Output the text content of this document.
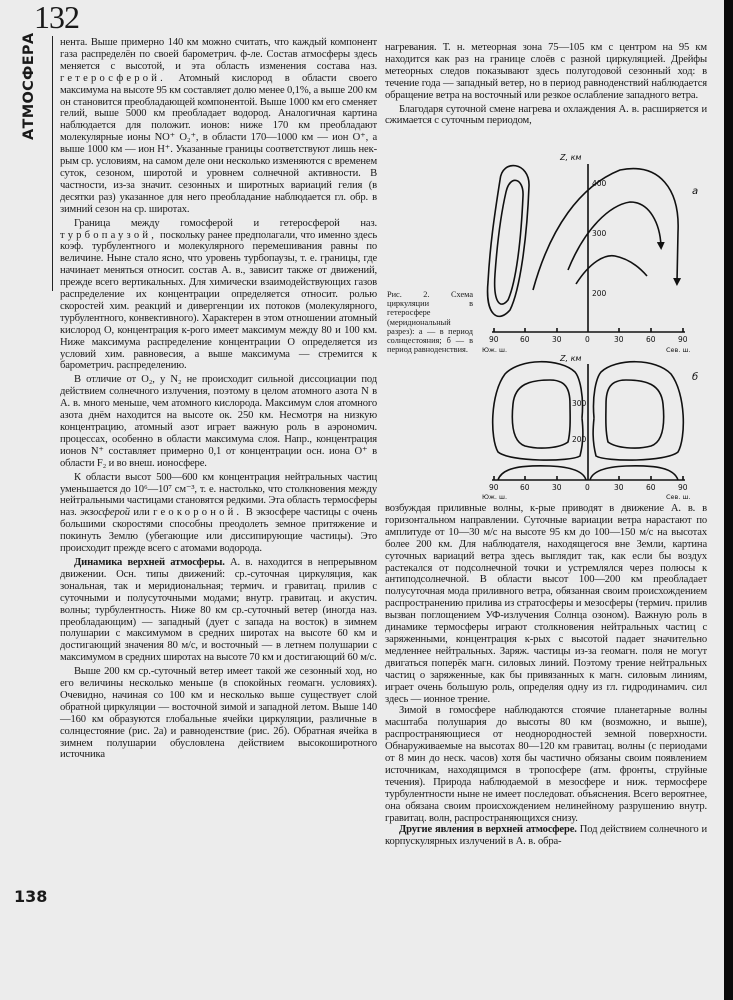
132
АТМОСФЕРА
138

нента. Выше примерно 140 км можно считать, что каждый компонент газа распределён по своей барометрич. ф-ле. Состав атмосферы здесь меняется с высотой, и эта область изменения состава наз. гетеросферой. Атомный кислород в области своего максимума на высоте 95 км составляет долю менее 0,1%, а выше 200 км он становится преобладающей компонентой. Выше 1000 км его сменяет гелий, выше 5000 км преобладает водород. Аналогичная картина наблюдается для положит. ионов: ниже 170 км преобладают молекулярные ионы NO⁺ O₂⁺, в области 170—1000 км — ион O⁺, а выше 1000 км — ион H⁺. Указанные границы соответствуют лишь нек-рым ср. условиям, на самом деле они несколько изменяются с временем суток, сезоном, широтой и уровнем солнечной активности. В частности, из-за значит. сезонных и широтных вариаций гелия (в десятки раз) указанное для него преобладание наблюдается гл. обр. в зимний сезон на ср. широтах.

Граница между гомосферой и гетеросферой наз. турбопаузой, поскольку ранее предполагали, что именно здесь коэф. турбулентного и молекулярного перемешивания равны по величине. Ныне стало ясно, что уровень турбопаузы, т. е. границы, где начинает меняться относит. состав А. в., зависит также от движений, прежде всего вертикальных. Для химически взаимодействующих газов распределение их концентрации определяется относит. ролью скоростей хим. реакций и дивергенции их потоков (молекулярного, турбулентного, конвективного). Характерен в этом отношении атомный кислород O, концентрация к-рого имеет максимум между 80 и 100 км. Ниже максимума распределение концентрации O определяется из условий хим. равновесия, а выше максимума — стремится к барометрич. распределению.

В отличие от O₂, у N₂ не происходит сильной диссоциации под действием солнечного излучения, поэтому в целом атомного азота N в А. в. много меньше, чем атомного кислорода. Максимум слоя атомного азота днём находится на высоте ок. 250 км. Несмотря на низкую концентрацию, атомный азот играет важную роль в аэрономич. процессах, особенно в области максимума слоя. Напр., концентрация ионов N⁺ составляет примерно 0,1 от концентрации осн. иона O⁺ в области F₂ и во внеш. ионосфере.

К области высот 500—600 км концентрация нейтральных частиц уменьшается до 10⁶—10⁷ см⁻³, т. е. настолько, что столкновения между нейтральными частицами становятся редкими. Эта область термосферы наз. экзосферой или геокороной. В экзосфере частицы с очень большими скоростями способны преодолеть земное притяжение и покинуть Землю (убегающие или диссипирующие частицы). Это происходит прежде всего с атомами водорода.

Динамика верхней атмосферы. А. в. находится в непрерывном движении. Осн. типы движений: ср.-суточная циркуляция, как зональная, так и меридиональная; термич. и гравитац. прилив с суточными и полусуточными модами; внутр. гравитац. и акустич. волны; турбулентность. Ниже 80 км ср.-суточный ветер (иногда наз. преобладающим) — западный (дует с запада на восток) в зимнем полушарии с максимумом в средних широтах на высоте 60 км и достигающий значения 80 м/с, и восточный — в летнем полушарии с максимумом в средних широтах на высоте 70 км и достигающий 60 м/с.

Выше 200 км ср.-суточный ветер имеет такой же сезонный ход, но его величины несколько меньше (в спокойных геомагн. условиях). Очевидно, начиная со 100 км и несколько выше существует слой обратной циркуляции — восточной зимой и западной летом. Выше 140—160 км образуются глобальные ячейки циркуляции, различные в солнцестояние (рис. 2а) и равноденствие (рис. 2б). Обратная ячейка в зимнем полушарии обусловлена действием высокоширотного источника

нагревания. Т. н. метеорная зона 75—105 км с центром на 95 км находится как раз на границе слоёв с разной циркуляцией. Дрейфы метеорных следов показывают здесь полугодовой сезонный ход: в течение года — западный ветер, но в период равноденствий наблюдается обращение ветра на восточный или резкое ослабление западного ветра.

Благодаря суточной смене нагрева и охлаждения А. в. расширяется и сжимается с суточным периодом,

Рис. 2. Схема циркуляции в гетеросфере (меридиональный разрез): а — в период солнцестояния; б — в период равноденствия.
Z, км
400
300
200
а
90	60	30	0	30	60	90
Юж. ш.	Сев. ш.
Z, км
б
300
200
90	60	30	0	30	60	90
Юж. ш.	Сев. ш.

возбуждая приливные волны, к-рые приводят в движение А. в. в горизонтальном направлении. Суточные вариации ветра нарастают по амплитуде от 10—30 м/с на высоте 95 км до 100—150 м/с на высотах более 200 км. Для наблюдателя, находящегося вне Земли, картина суточных вариаций ветра здесь выглядит так, как если бы воздух растекался от подсолнечной точки и устремлялся через полюсы к антиподсолнечной. В области высот 100—200 км преобладает полусуточная мода приливного ветра, обязанная своим происхождением распространению прилива из стратосферы и мезосферы (термич. прилив вызван поглощением УФ-излучения Солнца озоном). Важную роль в динамике термосферы играют столкновения нейтральных частиц с заряженными, концентрация к-рых с высотой падает значительно медленнее нейтральных. Заряж. частицы из-за геомагн. поля не могут двигаться поперёк магн. силовых линий. Поэтому трение нейтральных частиц о заряженные, как бы привязанных к магн. силовым линиям, играет очень большую роль, определяя одну из гл. гидродинамич. сил здесь — ионное трение.

Зимой в гомосфере наблюдаются стоячие планетарные волны масштаба полушария до высоты 80 км (возможно, и выше), распространяющиеся от неоднородностей земной поверхности. Обнаруживаемые на высотах 80—120 км гравитац. волны (с периодами от 8 мин до неск. часов) хотя бы частично обязаны своим появлением источникам, находящимся в тропосфере (атм. фронты, струйные течения). Природа наблюдаемой в мезосфере и ниж. термосфере турбулентности ныне не имеет последоват. объяснения. Всего вероятнее, она обязана своим происхождением нелинейному разрушению внутр. гравитац. волн, распространяющихся снизу.

Другие явления в верхней атмосфере. Под действием солнечного и корпускулярных излучений в А. в. обра-
